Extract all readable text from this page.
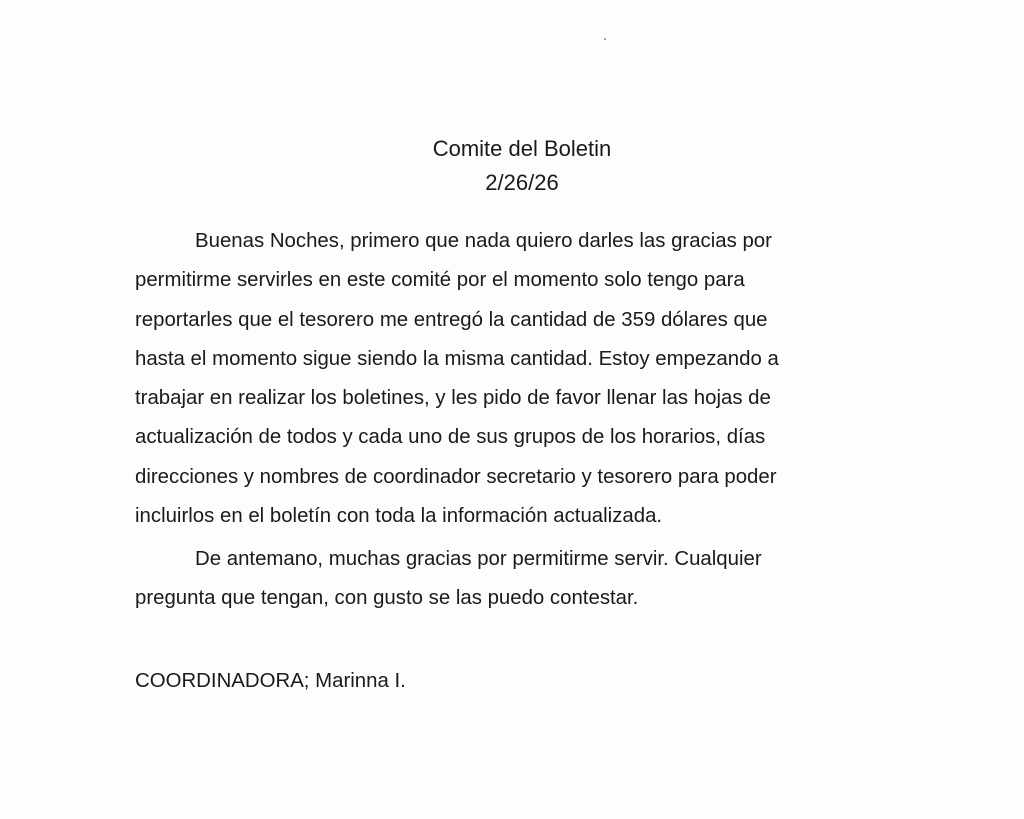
Comite del Boletin
2/26/26

Buenas Noches, primero que nada quiero darles las gracias por
permitirme servirles en este comité por el momento solo tengo para
reportarles que el tesorero me entregó la cantidad de 359 dólares que
hasta el momento sigue siendo la misma cantidad. Estoy empezando a
trabajar en realizar los boletines, y les pido de favor llenar las hojas de
actualización de todos y cada uno de sus grupos de los horarios, días
direcciones y nombres de coordinador secretario y tesorero para poder
incluirlos en el boletín con toda la información actualizada.

De antemano, muchas gracias por permitirme servir. Cualquier
pregunta que tengan, con gusto se las puedo contestar.

COORDINADORA; Marinna I.
